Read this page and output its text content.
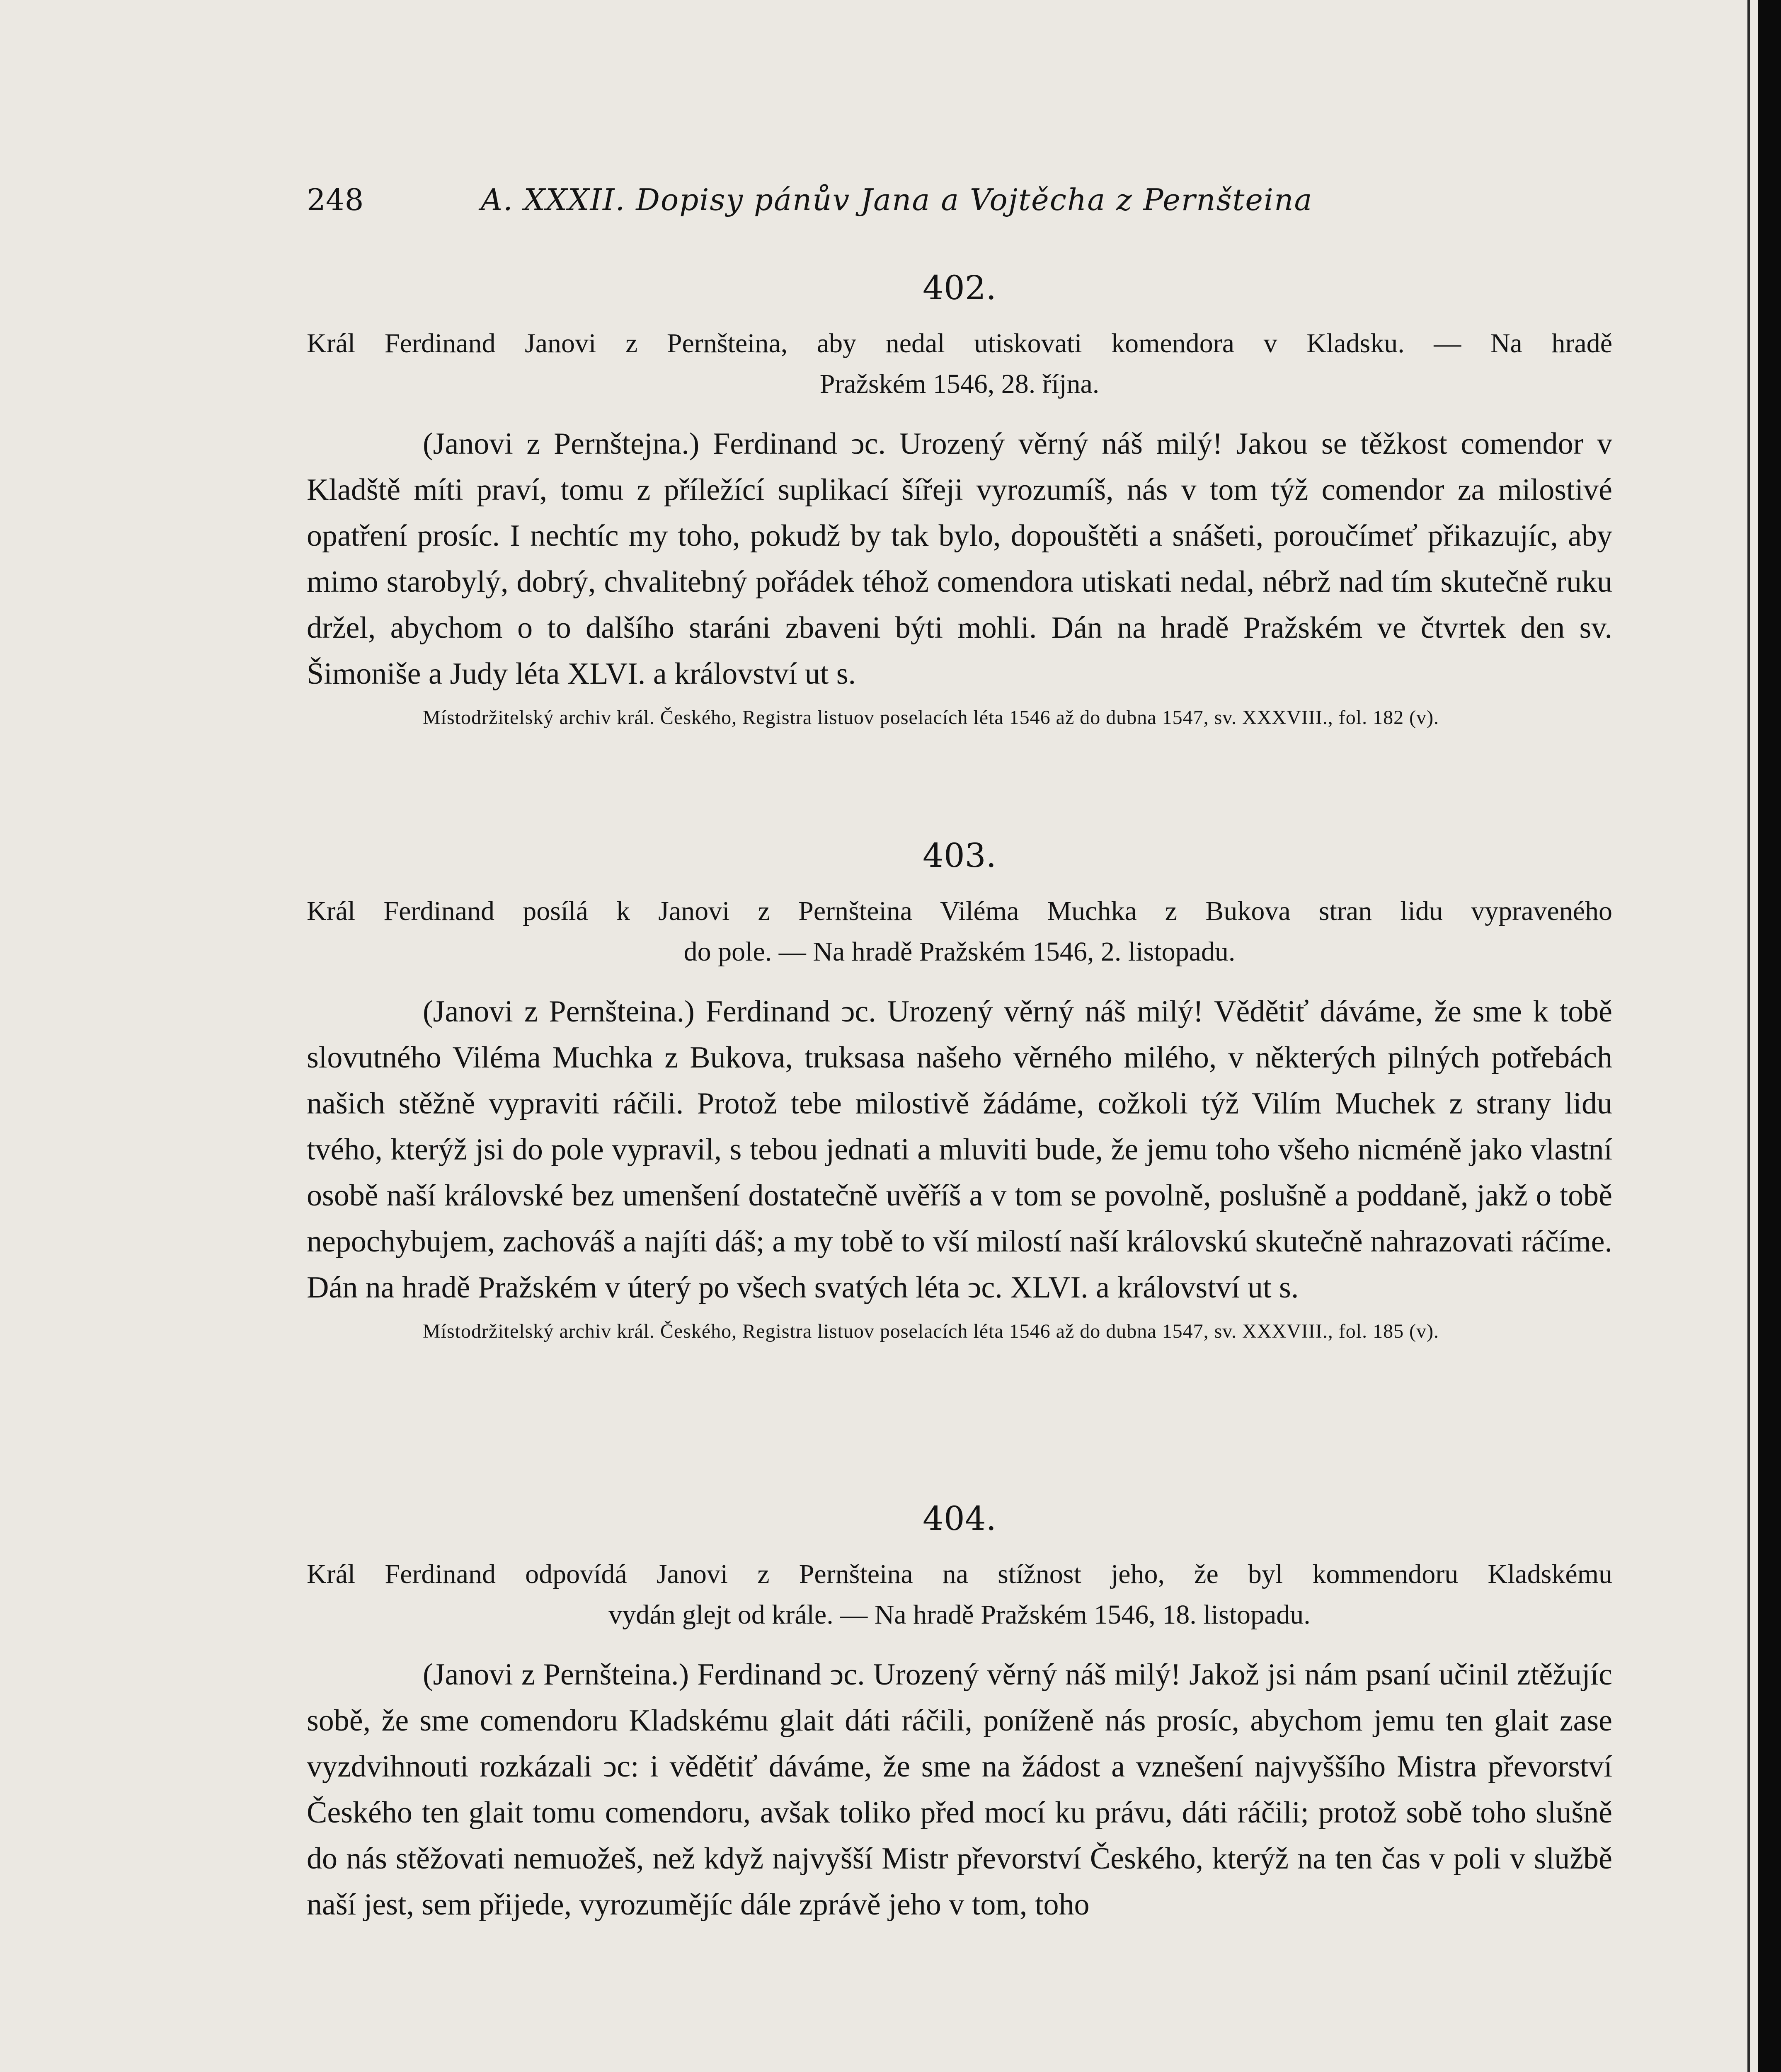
248	A. XXXII. Dopisy pánův Jana a Vojtěcha z Pernšteina
402.
Král Ferdinand Janovi z Pernšteina, aby nedal utiskovati komendora v Kladsku. — Na hradě
Pražském 1546, 28. října.

(Janovi z Pernštejna.) Ferdinand ↄc. Urozený věrný náš milý! Jakou se těžkost comendor v Kladště míti praví, tomu z příležící suplikací šířeji vyrozumíš, nás v tom týž comendor za milostivé opatření prosíc. I nechtíc my toho, pokudž by tak bylo, dopouštěti a snášeti, poroučímeť přikazujíc, aby mimo starobylý, dobrý, chvalitebný pořádek téhož comendora utiskati nedal, nébrž nad tím skutečně ruku držel, abychom o to dalšího staráni zbaveni býti mohli. Dán na hradě Pražském ve čtvrtek den sv. Šimoniše a Judy léta XLVI. a království ut s.

Místodržitelský archiv král. Českého, Registra listuov poselacích léta 1546 až do dubna 1547, sv. XXXVIII., fol. 182 (v).

403.
Král Ferdinand posílá k Janovi z Pernšteina Viléma Muchka z Bukova stran lidu vypraveného
do pole. — Na hradě Pražském 1546, 2. listopadu.

(Janovi z Pernšteina.) Ferdinand ↄc. Urozený věrný náš milý! Vědětiť dáváme, že sme k tobě slovutného Viléma Muchka z Bukova, truksasa našeho věrného milého, v některých pilných potřebách našich stěžně vypraviti ráčili. Protož tebe milostivě žádáme, cožkoli týž Vilím Muchek z strany lidu tvého, kterýž jsi do pole vypravil, s tebou jednati a mluviti bude, že jemu toho všeho nicméně jako vlastní osobě naší královské bez umenšení dostatečně uvěříš a v tom se povolně, poslušně a poddaně, jakž o tobě nepochybujem, zachováš a najíti dáš; a my tobě to vší milostí naší královskú skutečně nahrazovati ráčíme. Dán na hradě Pražském v úterý po všech svatých léta ↄc. XLVI. a království ut s.

Místodržitelský archiv král. Českého, Registra listuov poselacích léta 1546 až do dubna 1547, sv. XXXVIII., fol. 185 (v).

404.
Král Ferdinand odpovídá Janovi z Pernšteina na stížnost jeho, že byl kommendoru Kladskému
vydán glejt od krále. — Na hradě Pražském 1546, 18. listopadu.

(Janovi z Pernšteina.) Ferdinand ↄc. Urozený věrný náš milý! Jakož jsi nám psaní učinil ztěžujíc sobě, že sme comendoru Kladskému glait dáti ráčili, poníženě nás prosíc, abychom jemu ten glait zase vyzdvihnouti rozkázali ↄc: i vědětiť dáváme, že sme na žádost a vznešení najvyššího Mistra převorství Českého ten glait tomu comendoru, avšak toliko před mocí ku právu, dáti ráčili; protož sobě toho slušně do nás stěžovati nemuožeš, než když najvyšší Mistr převorství Českého, kterýž na ten čas v poli v službě naší jest, sem přijede, vyrozumějíc dále zprávě jeho v tom, toho
